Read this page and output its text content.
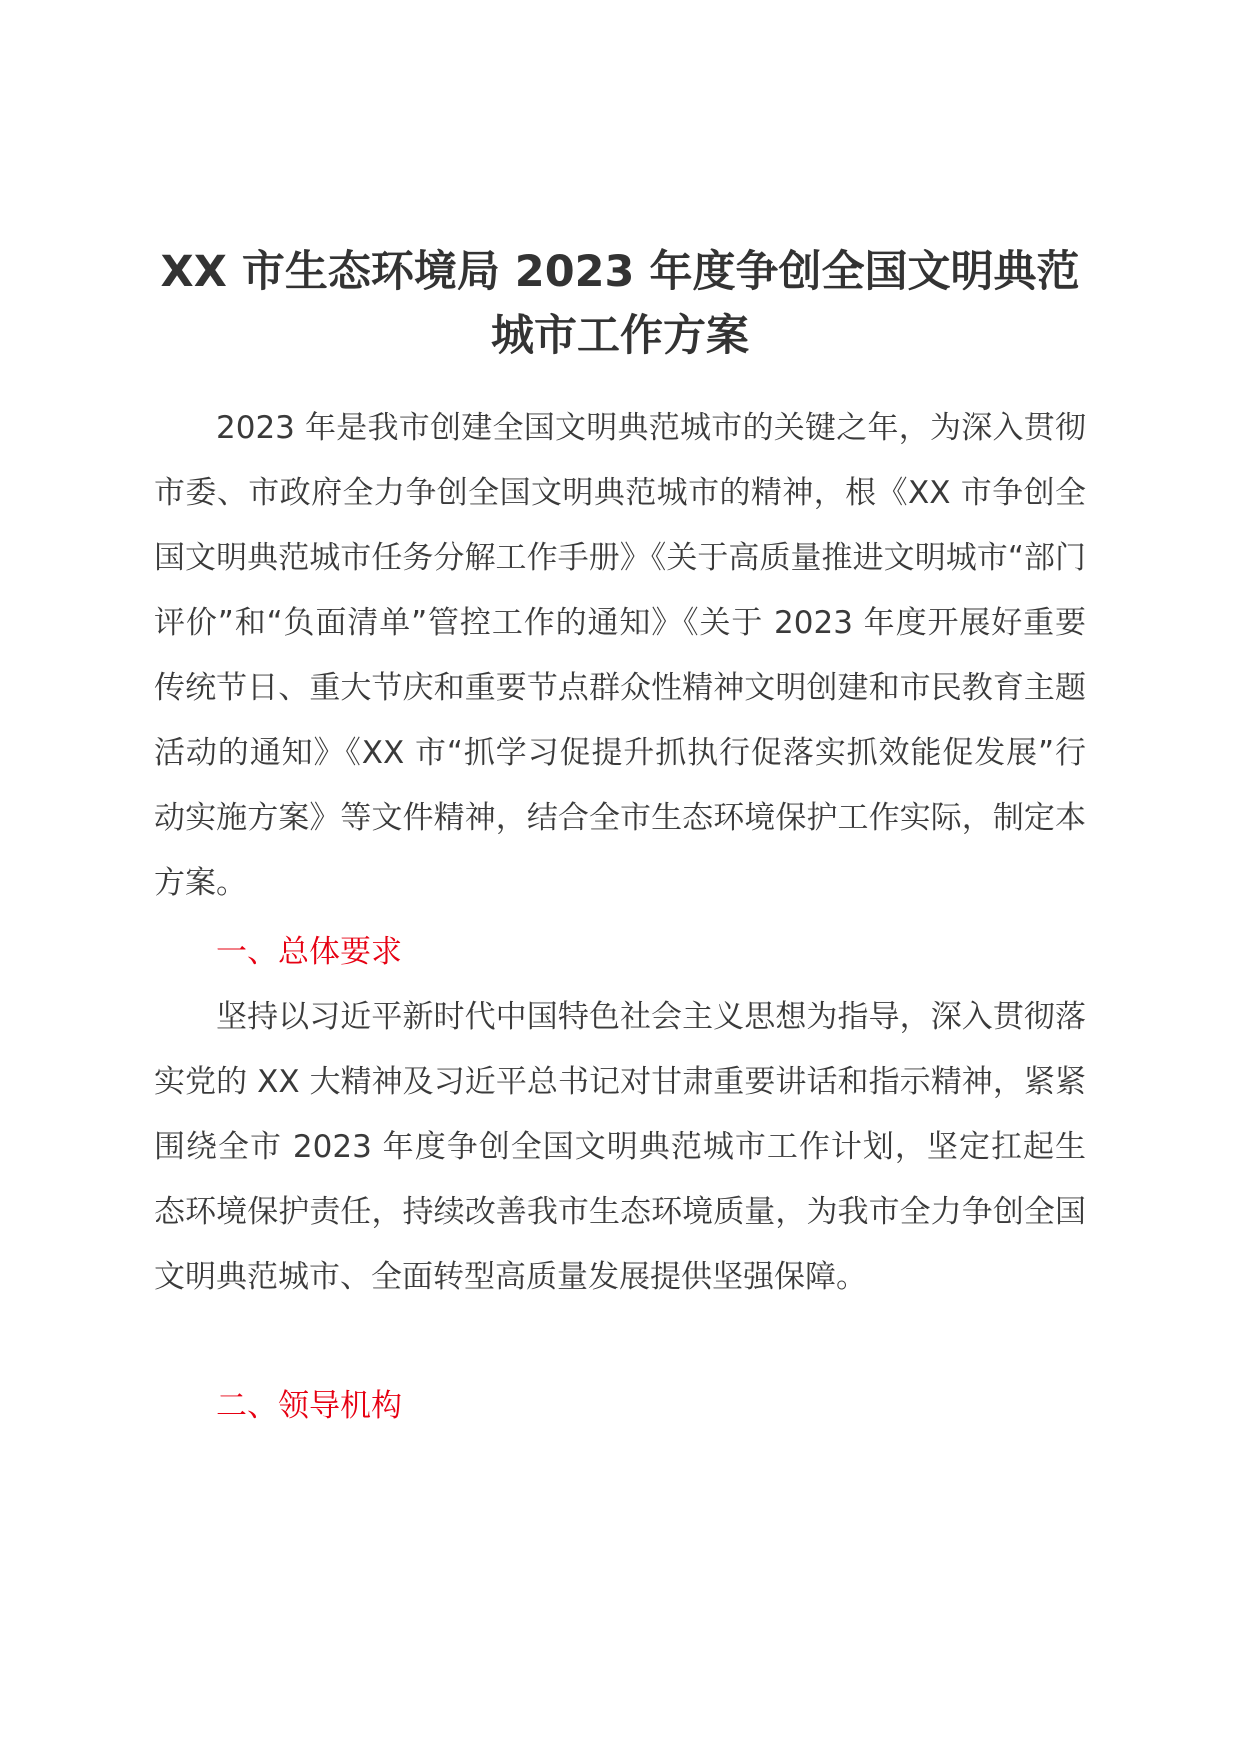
XX 市生态环境局 2023 年度争创全国文明典范城市工作方案

2023 年是我市创建全国文明典范城市的关键之年，为深入贯彻市委、市政府全力争创全国文明典范城市的精神，根《XX 市争创全国文明典范城市任务分解工作手册》《关于高质量推进文明城市“部门评价”和“负面清单”管控工作的通知》《关于 2023 年度开展好重要传统节日、重大节庆和重要节点群众性精神文明创建和市民教育主题活动的通知》《XX 市“抓学习促提升抓执行促落实抓效能促发展”行动实施方案》等文件精神，结合全市生态环境保护工作实际，制定本方案。

一、总体要求

坚持以习近平新时代中国特色社会主义思想为指导，深入贯彻落实党的 XX 大精神及习近平总书记对甘肃重要讲话和指示精神，紧紧围绕全市 2023 年度争创全国文明典范城市工作计划，坚定扛起生态环境保护责任，持续改善我市生态环境质量，为我市全力争创全国文明典范城市、全面转型高质量发展提供坚强保障。

二、领导机构
